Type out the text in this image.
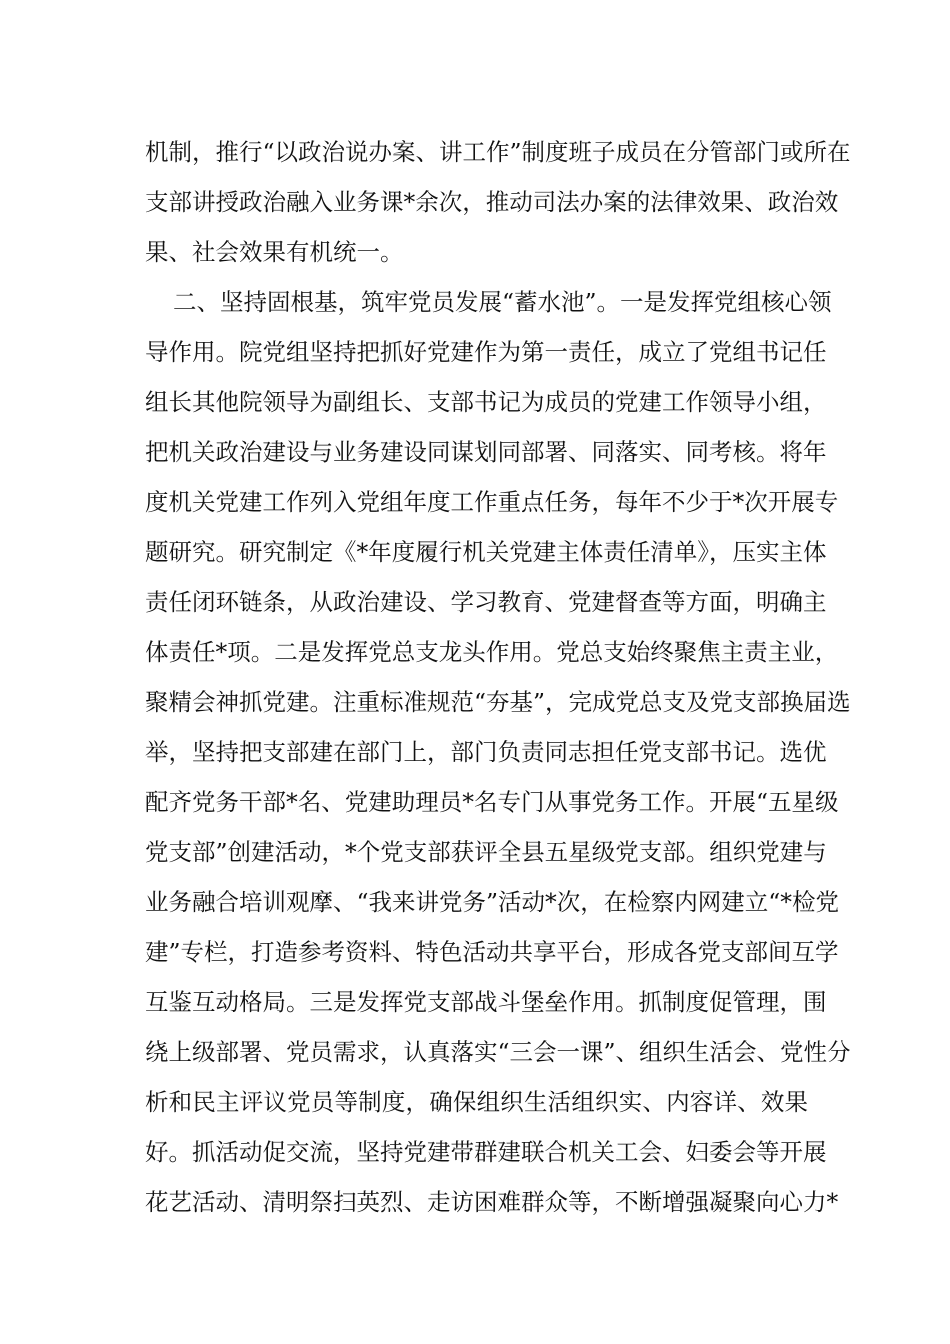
机制，推行“以政治说办案、讲工作”制度班子成员在分管部门或所在
支部讲授政治融入业务课*余次，推动司法办案的法律效果、政治效
果、社会效果有机统一。
二、坚持固根基，筑牢党员发展“蓄水池”。一是发挥党组核心领
导作用。院党组坚持把抓好党建作为第一责任，成立了党组书记任
组长其他院领导为副组长、支部书记为成员的党建工作领导小组，
把机关政治建设与业务建设同谋划同部署、同落实、同考核。将年
度机关党建工作列入党组年度工作重点任务，每年不少于*次开展专
题研究。研究制定《*年度履行机关党建主体责任清单》，压实主体
责任闭环链条，从政治建设、学习教育、党建督查等方面，明确主
体责任*项。二是发挥党总支龙头作用。党总支始终聚焦主责主业，
聚精会神抓党建。注重标准规范“夯基”，完成党总支及党支部换届选
举，坚持把支部建在部门上，部门负责同志担任党支部书记。选优
配齐党务干部*名、党建助理员*名专门从事党务工作。开展“五星级
党支部”创建活动，*个党支部获评全县五星级党支部。组织党建与
业务融合培训观摩、“我来讲党务”活动*次，在检察内网建立“*检党
建”专栏，打造参考资料、特色活动共享平台，形成各党支部间互学
互鉴互动格局。三是发挥党支部战斗堡垒作用。抓制度促管理，围
绕上级部署、党员需求，认真落实“三会一课”、组织生活会、党性分
析和民主评议党员等制度，确保组织生活组织实、内容详、效果
好。抓活动促交流，坚持党建带群建联合机关工会、妇委会等开展
花艺活动、清明祭扫英烈、走访困难群众等，不断增强凝聚向心力*
